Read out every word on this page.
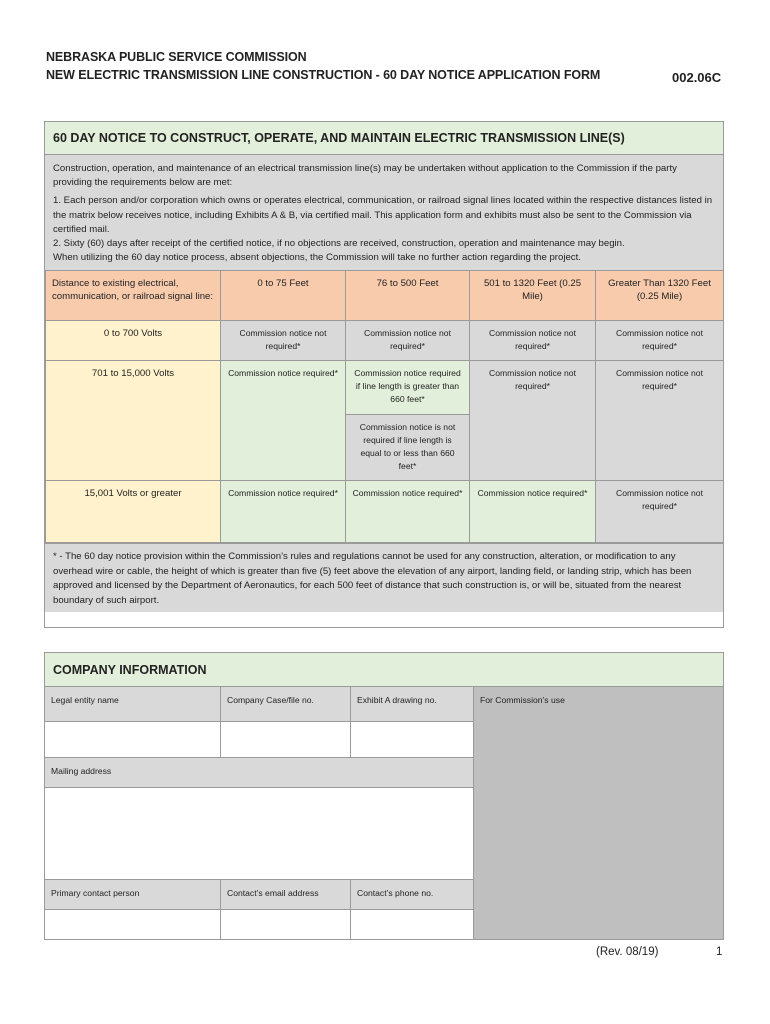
NEBRASKA PUBLIC SERVICE COMMISSION
NEW ELECTRIC TRANSMISSION LINE CONSTRUCTION - 60 DAY NOTICE APPLICATION FORM	002.06C
60 DAY NOTICE TO CONSTRUCT, OPERATE, AND MAINTAIN ELECTRIC TRANSMISSION LINE(S)

Construction, operation, and maintenance of an electrical transmission line(s) may be undertaken without application to the Commission if the party providing the requirements below are met:

1. Each person and/or corporation which owns or operates electrical, communication, or railroad signal lines located within the respective distances listed in the matrix below receives notice, including Exhibits A & B, via certified mail. This application form and exhibits must also be sent to the Commission via certified mail.

2. Sixty (60) days after receipt of the certified notice, if no objections are received, construction, operation and maintenance may begin.

When utilizing the 60 day notice process, absent objections, the Commission will take no further action regarding the project.

Distance to existing electrical, communication, or railroad signal line:	0 to 75 Feet	76 to 500 Feet	501 to 1320 Feet (0.25 Mile)	Greater Than 1320 Feet (0.25 Mile)
0 to 700 Volts	Commission notice not required*	Commission notice not required*	Commission notice not required*	Commission notice not required*
701 to 15,000 Volts	Commission notice required*	Commission notice required if line length is greater than 660 feet*	Commission notice not required*	Commission notice not required*
		Commission notice is not required if line length is equal to or less than 660 feet*		
15,001 Volts or greater	Commission notice required*	Commission notice required*	Commission notice required*	Commission notice not required*
* - The 60 day notice provision within the Commission’s rules and regulations cannot be used for any construction, alteration, or modification to any overhead wire or cable, the height of which is greater than five (5) feet above the elevation of any airport, landing field, or landing strip, which has been approved and licensed by the Department of Aeronautics, for each 500 feet of distance that such construction is, or will be, situated from the nearest boundary of such airport.
COMPANY INFORMATION
Legal entity name	Company Case/file no.	Exhibit A drawing no.	For Commission’s use
Mailing address
Primary contact person	Contact’s email address	Contact’s phone no.
(Rev. 08/19)	1
